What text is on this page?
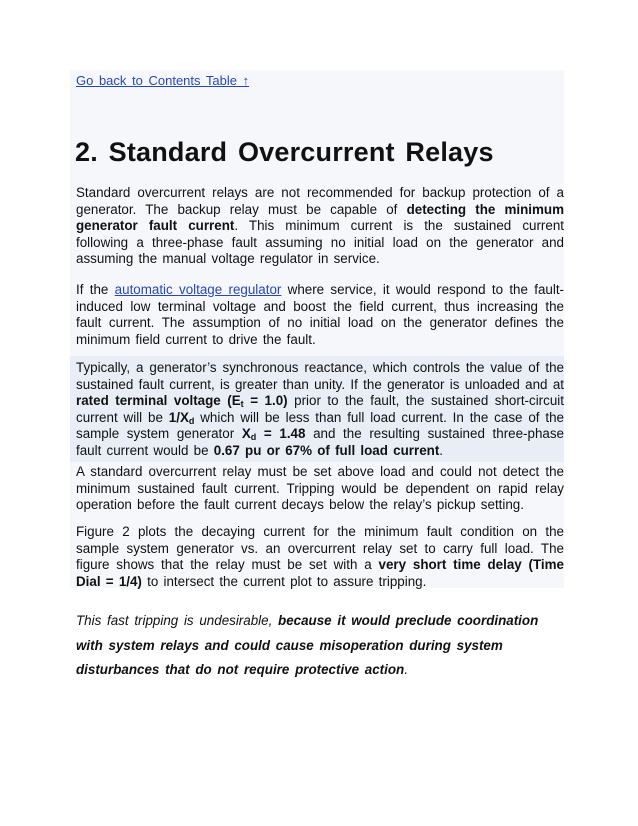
Go back to Contents Table ↑
2. Standard Overcurrent Relays

Standard overcurrent relays are not recommended for backup protection of a generator. The backup relay must be capable of detecting the minimum generator fault current. This minimum current is the sustained current following a three-phase fault assuming no initial load on the generator and assuming the manual voltage regulator in service.

If the automatic voltage regulator where service, it would respond to the fault-induced low terminal voltage and boost the field current, thus increasing the fault current. The assumption of no initial load on the generator defines the minimum field current to drive the fault.

Typically, a generator’s synchronous reactance, which controls the value of the sustained fault current, is greater than unity. If the generator is unloaded and at rated terminal voltage $(E_t = 1.0)$ prior to the fault, the sustained short-circuit current will be $1/X_d$ which will be less than full load current. In the case of the sample system generator $X_d = 1.48$ and the resulting sustained three-phase fault current would be 0.67 pu or 67% of full load current.

A standard overcurrent relay must be set above load and could not detect the minimum sustained fault current. Tripping would be dependent on rapid relay operation before the fault current decays below the relay’s pickup setting.

Figure 2 plots the decaying current for the minimum fault condition on the sample system generator vs. an overcurrent relay set to carry full load. The figure shows that the relay must be set with a very short time delay (Time Dial = 1/4) to intersect the current plot to assure tripping.

This fast tripping is undesirable, because it would preclude coordination with system relays and could cause misoperation during system disturbances that do not require protective action.
